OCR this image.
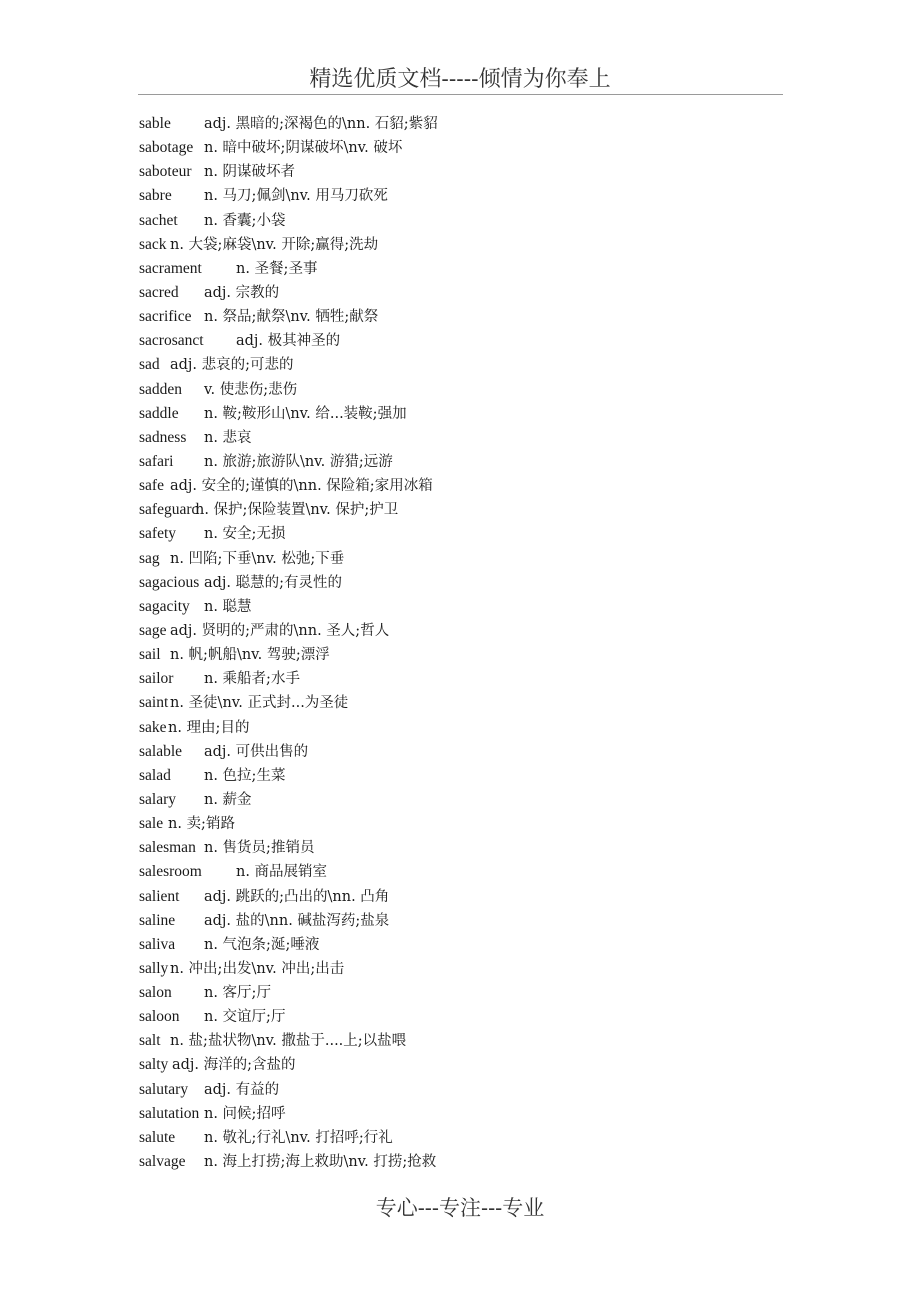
精选优质文档-----倾情为你奉上
sable adj. 黑暗的;深褐色的\nn. 石貂;紫貂
sabotage n. 暗中破坏;阴谋破坏\nv. 破坏
saboteur n. 阴谋破坏者
sabre n. 马刀;佩剑\nv. 用马刀砍死
sachet n. 香囊;小袋
sack n. 大袋;麻袋\nv. 开除;赢得;洗劫
sacrament n. 圣餐;圣事
sacred adj. 宗教的
sacrifice n. 祭品;献祭\nv. 牺牲;献祭
sacrosanct adj. 极其神圣的
sad adj. 悲哀的;可悲的
sadden v. 使悲伤;悲伤
saddle n. 鞍;鞍形山\nv. 给...装鞍;强加
sadness n. 悲哀
safari n. 旅游;旅游队\nv. 游猎;远游
safe adj. 安全的;谨慎的\nn. 保险箱;家用冰箱
safeguard
n. 保护;保险装置\nv. 保护;护卫
safety n. 安全;无损
sag n. 凹陷;下垂\nv. 松弛;下垂
sagacious adj. 聪慧的;有灵性的
sagacity n. 聪慧
sage adj. 贤明的;严肃的\nn. 圣人;哲人
sail n. 帆;帆船\nv. 驾驶;漂浮
sailor n. 乘船者;水手
saint n. 圣徒\nv. 正式封...为圣徒
sake n. 理由;目的
salable adj. 可供出售的
salad n. 色拉;生菜
salary n. 薪金
sale n. 卖;销路
salesman n. 售货员;推销员
salesroom n. 商品展销室
salient adj. 跳跃的;凸出的\nn. 凸角
saline adj. 盐的\nn. 碱盐泻药;盐泉
saliva n. 气泡条;涎;唾液
sally n. 冲出;出发\nv. 冲出;出击
salon n. 客厅;厅
saloon n. 交谊厅;厅
salt n. 盐;盐状物\nv. 撒盐于....上;以盐喂
salty adj. 海洋的;含盐的
salutary adj. 有益的
salutation n. 问候;招呼
salute n. 敬礼;行礼\nv. 打招呼;行礼
salvage n. 海上打捞;海上救助\nv. 打捞;抢救
专心---专注---专业
